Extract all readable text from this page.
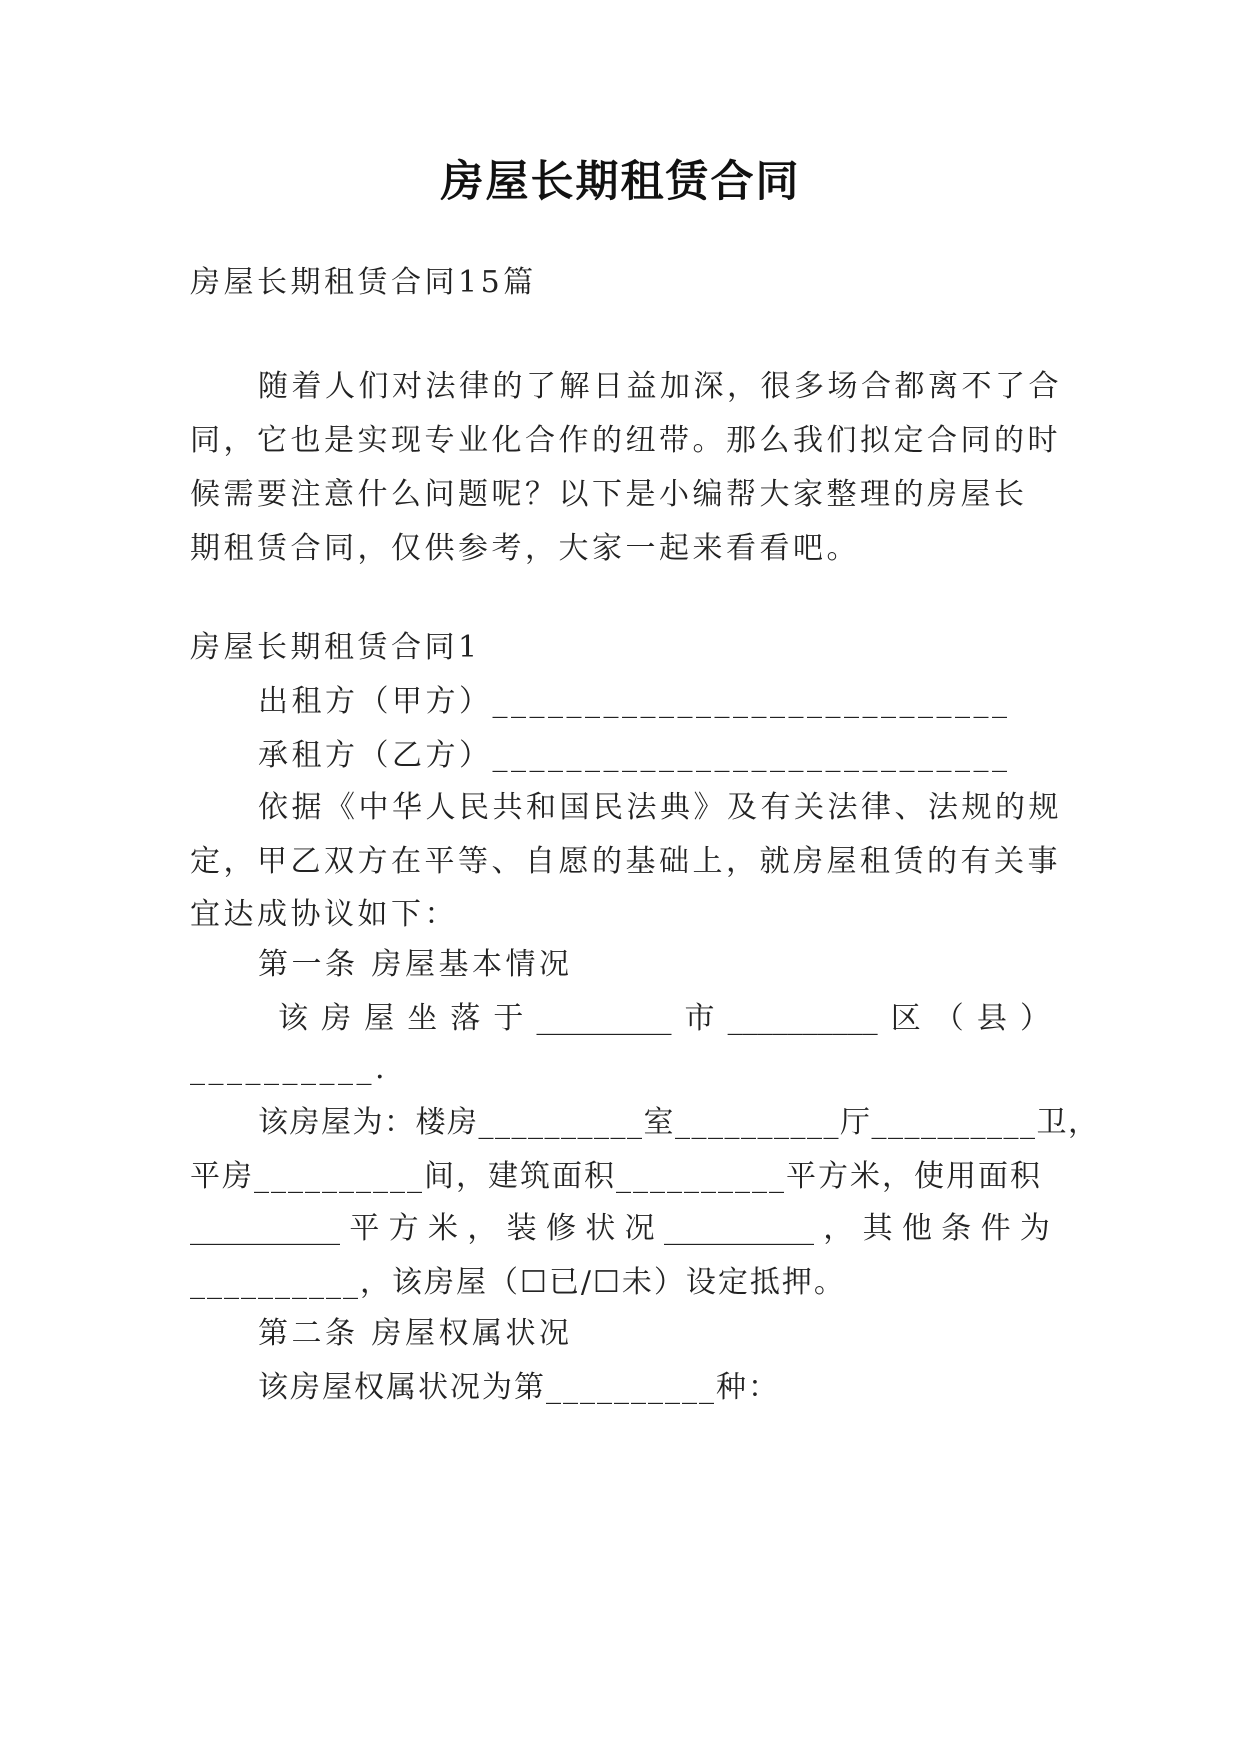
房屋长期租赁合同
房屋长期租赁合同15篇
随着人们对法律的了解日益加深，很多场合都离不了合
同，它也是实现专业化合作的纽带。那么我们拟定合同的时
候需要注意什么问题呢？以下是小编帮大家整理的房屋长
期租赁合同，仅供参考，大家一起来看看吧。
房屋长期租赁合同1
出租方（甲方）____________________________
承租方（乙方）____________________________
依据《中华人民共和国民法典》及有关法律、法规的规
定，甲乙双方在平等、自愿的基础上，就房屋租赁的有关事
宜达成协议如下：
第一条 房屋基本情况
该 房 屋 坐 落 于 _________ 市 __________ 区 （ 县 ）
__________.
该房屋为：楼房__________室__________厅__________卫，
平房__________间，建筑面积__________平方米，使用面积
__________ 平 方 米 ， 装 修 状 况 __________ ， 其 他 条 件 为
__________，该房屋（☐已/☐未）设定抵押。
第二条 房屋权属状况
该房屋权属状况为第__________种：
